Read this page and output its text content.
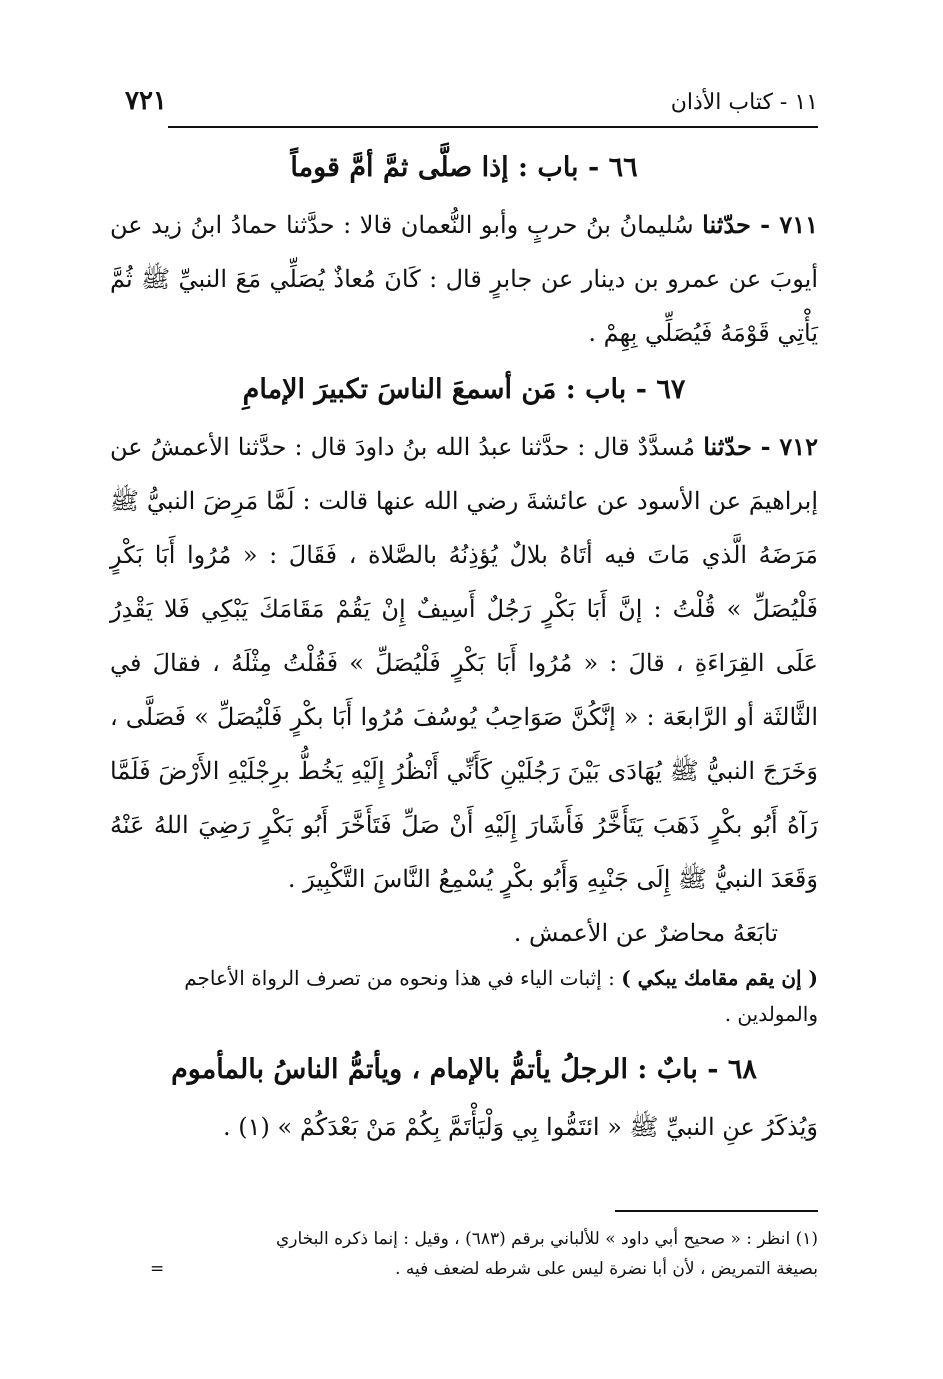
١١ - كتاب الأذان
٧٢١
٦٦ - باب : إذا صلَّى ثمَّ أمَّ قوماً

٧١١ - حدّثنا سُليمانُ بنُ حربٍ وأبو النُّعمان قالا : حدَّثنا حمادُ ابنُ زيد عن أيوبَ عن عمرو بن دينار عن جابرٍ قال : كَانَ مُعاذٌ يُصَلِّي مَعَ النبيِّ ﷺ ثُمَّ يَأْتِي قَوْمَهُ فَيُصَلِّي بِهِمْ .

٦٧ - باب : مَن أسمعَ الناسَ تكبيرَ الإمامِ

٧١٢ - حدّثنا مُسدَّدٌ قال : حدَّثنا عبدُ الله بنُ داودَ قال : حدَّثنا الأعمشُ عن إبراهيمَ عن الأسود عن عائشةَ رضي الله عنها قالت : لَمَّا مَرِضَ النبيُّ ﷺ مَرَضَهُ الَّذي مَاتَ فيه أتَاهُ بلالٌ يُؤذِنُهُ بالصَّلاة ، فَقَالَ : « مُرُوا أَبَا بَكْرٍ فَلْيُصَلِّ » قُلْتُ : إنَّ أَبَا بَكْرٍ رَجُلٌ أَسِيفٌ إِنْ يَقُمْ مَقَامَكَ يَبْكِي فَلا يَقْدِرُ عَلَى القِرَاءَةِ ، قالَ : « مُرُوا أَبَا بَكْرٍ فَلْيُصَلِّ » فَقُلْتُ مِثْلَهُ ، فقالَ في الثَّالثَة أو الرَّابعَة : « إنَّكُنَّ صَوَاحِبُ يُوسُفَ مُرُوا أَبَا بكْرٍ فَلْيُصَلِّ » فَصَلَّى ، وَخَرَجَ النبيُّ ﷺ يُهَادَى بَيْنَ رَجُلَيْنِ كَأَنِّي أَنْظُرُ إِلَيْهِ يَخُطُّ برِجْلَيْهِ الأَرْضَ فَلَمَّا رَآهُ أَبُو بكْرٍ ذَهَبَ يَتَأَخَّرُ فَأَشَارَ إِلَيْهِ أَنْ صَلِّ فَتَأَخَّرَ أَبُو بَكْرٍ رَضِيَ اللهُ عَنْهُ وَقَعَدَ النبيُّ ﷺ إِلَى جَنْبِهِ وَأَبُو بكْرٍ يُسْمِعُ النَّاسَ التَّكْبِيرَ .

تابَعَهُ محاضرٌ عن الأعمش .

( إن يقم مقامك يبكي ) : إثبات الياء في هذا ونحوه من تصرف الرواة الأعاجم والمولدين .

٦٨ - بابٌ : الرجلُ يأتمُّ بالإمام ، ويأتمُّ الناسُ بالمأموم

وَيُذكَرُ عنِ النبيِّ ﷺ « ائتَمُّوا بِي وَلْيَأْتَمَّ بِكُمْ مَنْ بَعْدَكُمْ » (١) .

(١) انظر : « صحيح أبي داود » للألباني برقم (٦٨٣) ، وقيل : إنما ذكره البخاري
بصيغة التمريض ، لأن أبا نضرة ليس على شرطه لضعف فيه .
=
